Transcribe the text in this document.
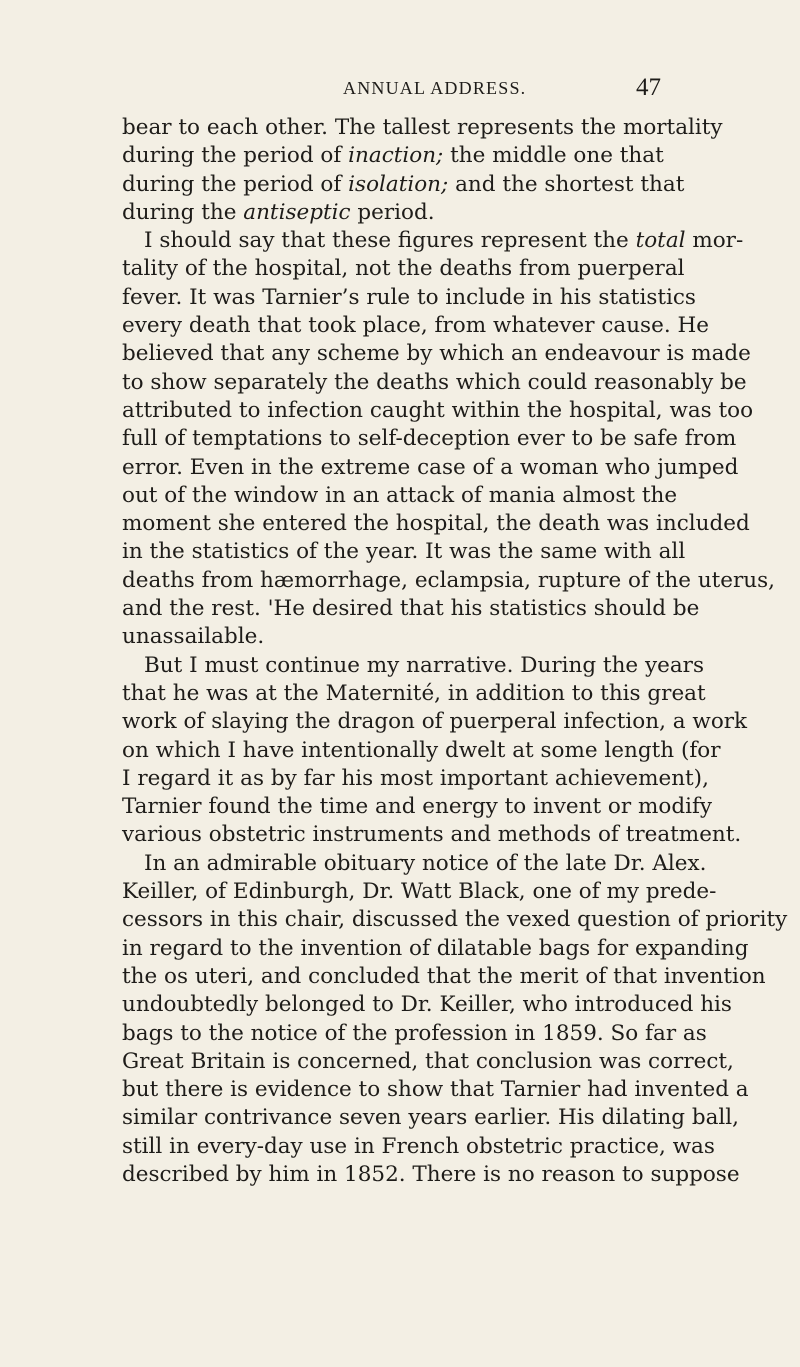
ANNUAL ADDRESS.	47
bear to each other. The tallest represents the mortality
during the period of inaction; the middle one that
during the period of isolation; and the shortest that
during the antiseptic period.
I should say that these figures represent the total mor-
tality of the hospital, not the deaths from puerperal
fever. It was Tarnier’s rule to include in his statistics
every death that took place, from whatever cause. He
believed that any scheme by which an endeavour is made
to show separately the deaths which could reasonably be
attributed to infection caught within the hospital, was too
full of temptations to self-deception ever to be safe from
error. Even in the extreme case of a woman who jumped
out of the window in an attack of mania almost the
moment she entered the hospital, the death was included
in the statistics of the year. It was the same with all
deaths from hæmorrhage, eclampsia, rupture of the uterus,
and the rest. 'He desired that his statistics should be
unassailable.
But I must continue my narrative. During the years
that he was at the Maternité, in addition to this great
work of slaying the dragon of puerperal infection, a work
on which I have intentionally dwelt at some length (for
I regard it as by far his most important achievement),
Tarnier found the time and energy to invent or modify
various obstetric instruments and methods of treatment.
In an admirable obituary notice of the late Dr. Alex.
Keiller, of Edinburgh, Dr. Watt Black, one of my prede-
cessors in this chair, discussed the vexed question of priority
in regard to the invention of dilatable bags for expanding
the os uteri, and concluded that the merit of that invention
undoubtedly belonged to Dr. Keiller, who introduced his
bags to the notice of the profession in 1859. So far as
Great Britain is concerned, that conclusion was correct,
but there is evidence to show that Tarnier had invented a
similar contrivance seven years earlier. His dilating ball,
still in every-day use in French obstetric practice, was
described by him in 1852. There is no reason to suppose
